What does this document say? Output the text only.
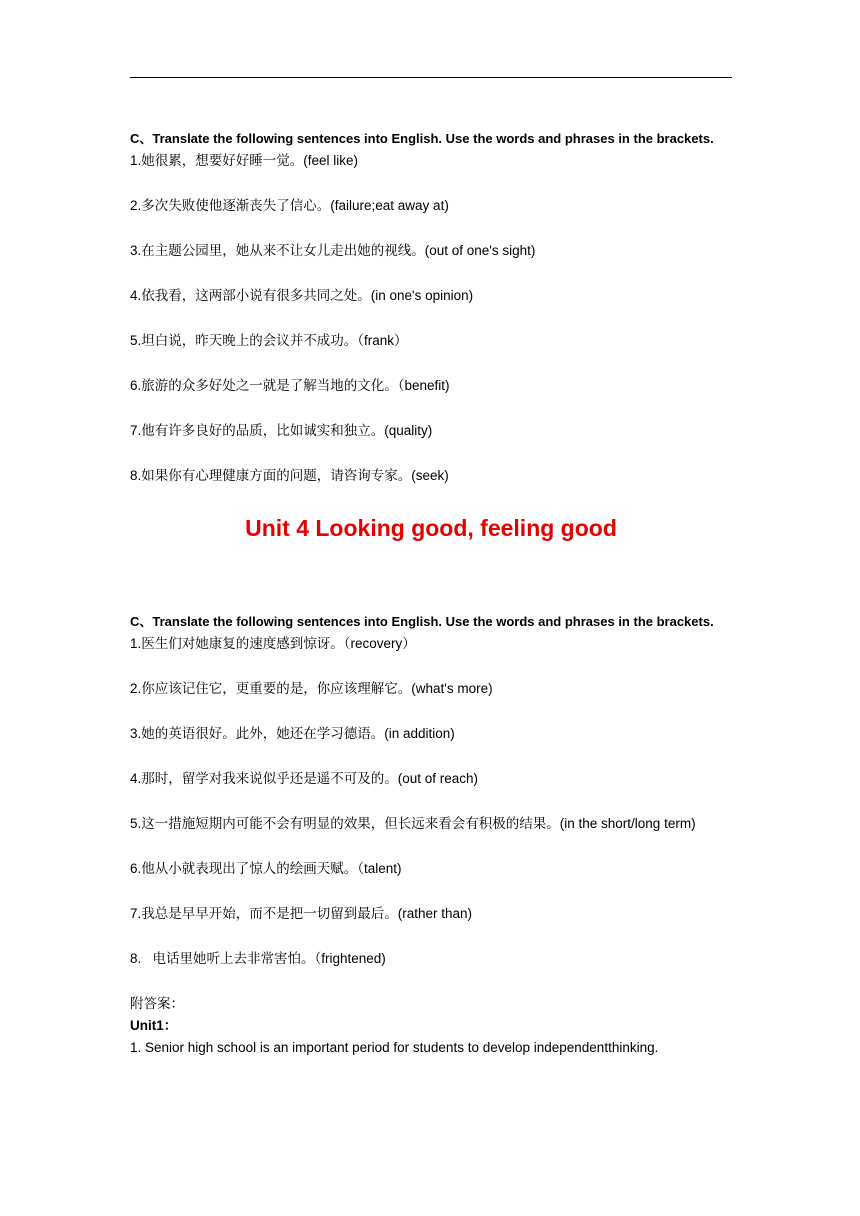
C、Translate the following sentences into English. Use the words and phrases in the brackets.
1.她很累，想要好好睡一觉。(feel like)
2.多次失败使他逐渐丧失了信心。(failure;eat away at)
3.在主题公园里，她从来不让女儿走出她的视线。(out of one's sight)
4.依我看，这两部小说有很多共同之处。(in one's opinion)
5.坦白说，昨天晚上的会议并不成功。（frank）
6.旅游的众多好处之一就是了解当地的文化。（benefit)
7.他有许多良好的品质，比如诚实和独立。(quality)
8.如果你有心理健康方面的问题，请咨询专家。(seek)
Unit 4 Looking good, feeling good
C、Translate the following sentences into English. Use the words and phrases in the brackets.
1.医生们对她康复的速度感到惊讶。（recovery）
2.你应该记住它，更重要的是，你应该理解它。(what's more)
3.她的英语很好。此外，她还在学习德语。(in addition)
4.那时，留学对我来说似乎还是遥不可及的。(out of reach)
5.这一措施短期内可能不会有明显的效果，但长远来看会有积极的结果。(in the short/long term)
6.他从小就表现出了惊人的绘画天赋。（talent)
7.我总是早早开始，而不是把一切留到最后。(rather than)
8.   电话里她听上去非常害怕。（frightened)
附答案：
Unit1：
1. Senior high school is an important period for students to develop independentthinking.
